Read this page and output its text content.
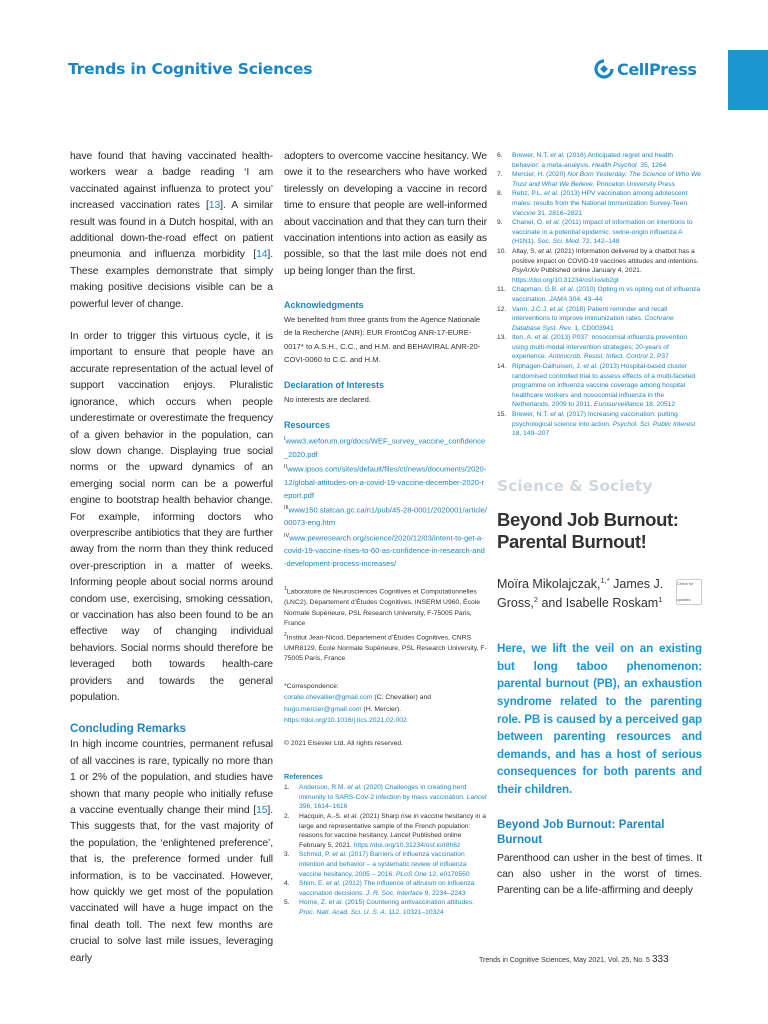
Trends in Cognitive Sciences	CellPress

have found that having vaccinated health-workers wear a badge reading ‘I am vaccinated against influenza to protect you’ increased vaccination rates [13]. A similar result was found in a Dutch hospital, with an additional down-the-road effect on patient pneumonia and influenza morbidity [14]. These examples demonstrate that simply making positive decisions visible can be a powerful lever of change.

In order to trigger this virtuous cycle, it is important to ensure that people have an accurate representation of the actual level of support vaccination enjoys. Pluralistic ignorance, which occurs when people underestimate or overestimate the frequency of a given behavior in the population, can slow down change. Displaying true social norms or the upward dynamics of an emerging social norm can be a powerful engine to bootstrap health behavior change. For example, informing doctors who overprescribe antibiotics that they are further away from the norm than they think reduced over-prescription in a matter of weeks. Informing people about social norms around condom use, exercising, smoking cessation, or vaccination has also been found to be an effective way of changing individual behaviors. Social norms should therefore be leveraged both towards health-care providers and towards the general population.

Concluding Remarks

In high income countries, permanent refusal of all vaccines is rare, typically no more than 1 or 2% of the population, and studies have shown that many people who initially refuse a vaccine eventually change their mind [15]. This suggests that, for the vast majority of the population, the ‘enlightened preference’, that is, the preference formed under full information, is to be vaccinated. However, how quickly we get most of the population vaccinated will have a huge impact on the final death toll. The next few months are crucial to solve last mile issues, leveraging early

adopters to overcome vaccine hesitancy. We owe it to the researchers who have worked tirelessly on developing a vaccine in record time to ensure that people are well-informed about vaccination and that they can turn their vaccination intentions into action as easily as possible, so that the last mile does not end up being longer than the first.

Acknowledgments

We benefited from three grants from the Agence Nationale de la Recherche (ANR): EUR FrontCog ANR-17-EURE-0017* to A.S.H., C.C., and H.M. and BEHAVIRAL ANR-20-COVI-0060 to C.C. and H.M.

Declaration of Interests

No interests are declared.

Resources
$^I$www3.weforum.org/docs/WEF_survey_vaccine_confidence_2020.pdf
$^{II}$www.ipsos.com/sites/default/files/ct/news/documents/2020-12/global-attitudes-on-a-covid-19-vaccine-december-2020-report.pdf
$^{III}$www150.statcan.gc.ca/n1/pub/45-28-0001/2020001/article/00073-eng.htm
$^{IV}$www.pewresearch.org/science/2020/12/03/intent-to-get-a-covid-19-vaccine-rises-to-60-as-confidence-in-research-and-development-process-increases/
$^1$Laboratoire de Neurosciences Cognitives et Computationnelles (LNC2), Département d’Études Cognitives, INSERM U960, École Normale Supérieure, PSL Research University, F-75005 Paris, France
$^2$Institut Jean-Nicod, Département d’Études Cognitives, CNRS UMR8129, École Normale Supérieure, PSL Research University, F-75005 Paris, France
*Correspondence:
coralie.chevallier@gmail.com (C. Chevallier) and
hugo.mercier@gmail.com (H. Mercier).
https://doi.org/10.1016/j.tics.2021.02.002
© 2021 Elsevier Ltd. All rights reserved.
References
1.	Anderson, R.M. et al. (2020) Challenges in creating herd immunity to SARS-CoV-2 infection by mass vaccination. Lancet 396, 1614–1616
2.	Hacquin, A.-S. et al. (2021) Sharp rise in vaccine hesitancy in a large and representative sample of the French population: reasons for vaccine hesitancy. Lancet Published online February 5, 2021. https://doi.org/10.31234/osf.io/r8h6z
3.	Schmid, P. et al. (2017) Barriers of influenza vaccination intention and behavior – a systematic review of influenza vaccine hesitancy, 2005 – 2016. PLoS One 12, e0170550
4.	Shim, E. et al. (2012) The influence of altruism on influenza vaccination decisions. J. R. Soc. Interface 9, 2234–2243
5.	Horne, Z. et al. (2015) Countering antivaccination attitudes. Proc. Natl. Acad. Sci. U. S. A. 112, 10321–10324
6.	Brewer, N.T. et al. (2016) Anticipated regret and health behavior: a meta-analysis. Health Psychol. 35, 1264
7.	Mercier, H. (2020) Not Born Yesterday: The Science of Who We Trust and What We Believe, Princeton University Press
8.	Rebz, P.L. et al. (2013) HPV vaccination among adolescent males: results from the National Immunization Survey-Teen. Vaccine 31, 2816–2821
9.	Chanel, O. et al. (2011) Impact of information on intentions to vaccinate in a potential epidemic: swine-origin influenza A (H1N1). Soc. Sci. Med. 72, 142–148
10. Altay, S. et al. (2021) Information delivered by a chatbot has a positive impact on COVID-19 vaccines attitudes and intentions. PsyArXiv Published online January 4, 2021. https://doi.org/10.31234/osf.io/eb2gt
11. Chapman, G.B. et al. (2010) Opting in vs opting out of influenza vaccination. JAMA 304, 43–44
12. Vann, J.C.J. et al. (2018) Patient reminder and recall interventions to improve immunization rates. Cochrane Database Syst. Rev. 1, CD003941
13. Iten, A. et al. (2013) P037: nosocomial influenza prevention using multi-modal intervention strategies; 20-years of experience. Antimicrob. Resist. Infect. Control 2, P37
14. Riphagen-Dalhuisen, J. et al. (2013) Hospital-based cluster randomised controlled trial to assess effects of a multi-faceted programme on influenza vaccine coverage among hospital healthcare workers and nosocomial influenza in the Netherlands, 2009 to 2011. Eurosurveillance 18, 20512
15. Brewer, N.T. et al. (2017) Increasing vaccination: putting psychological science into action. Psychol. Sci. Public Interest 18, 149–207
Science & Society
Beyond Job Burnout: Parental Burnout!
Moïra Mikolajczak,$^{1,*}$ James J. Gross,$^2$ and Isabelle Roskam$^1$
Check for updates

Here, we lift the veil on an existing but long taboo phenomenon: parental burnout (PB), an exhaustion syndrome related to the parenting role. PB is caused by a perceived gap between parenting resources and demands, and has a host of serious consequences for both parents and their children.

Beyond Job Burnout: Parental Burnout

Parenthood can usher in the best of times. It can also usher in the worst of times. Parenting can be a life-affirming and deeply

Trends in Cognitive Sciences, May 2021, Vol. 25, No. 5 333
